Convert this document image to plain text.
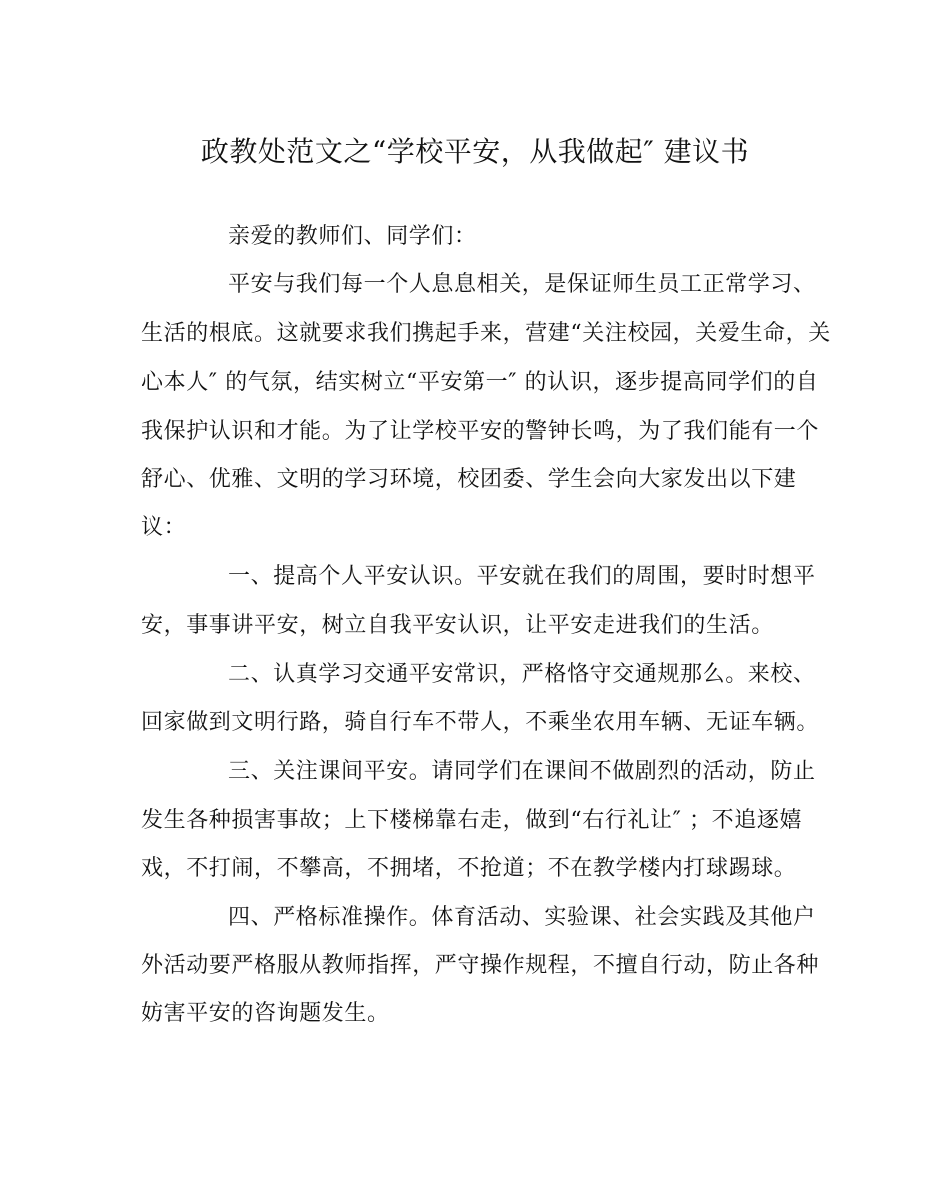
政教处范文之“学校平安，从我做起″ 建议书
亲爱的教师们、同学们：
平安与我们每一个人息息相关，是保证师生员工正常学习、
生活的根底。这就要求我们携起手来，营建“关注校园，关爱生命，关
心本人″ 的气氛，结实树立“平安第一″ 的认识，逐步提高同学们的自
我保护认识和才能。为了让学校平安的警钟长鸣，为了我们能有一个
舒心、优雅、文明的学习环境，校团委、学生会向大家发出以下建
议：
一、提高个人平安认识。平安就在我们的周围，要时时想平
安，事事讲平安，树立自我平安认识，让平安走进我们的生活。
二、认真学习交通平安常识，严格恪守交通规那么。来校、
回家做到文明行路，骑自行车不带人，不乘坐农用车辆、无证车辆。
三、关注课间平安。请同学们在课间不做剧烈的活动，防止
发生各种损害事故；上下楼梯靠右走，做到“右行礼让″ ；不追逐嬉
戏，不打闹，不攀高，不拥堵，不抢道；不在教学楼内打球踢球。
四、严格标准操作。体育活动、实验课、社会实践及其他户
外活动要严格服从教师指挥，严守操作规程，不擅自行动，防止各种
妨害平安的咨询题发生。
